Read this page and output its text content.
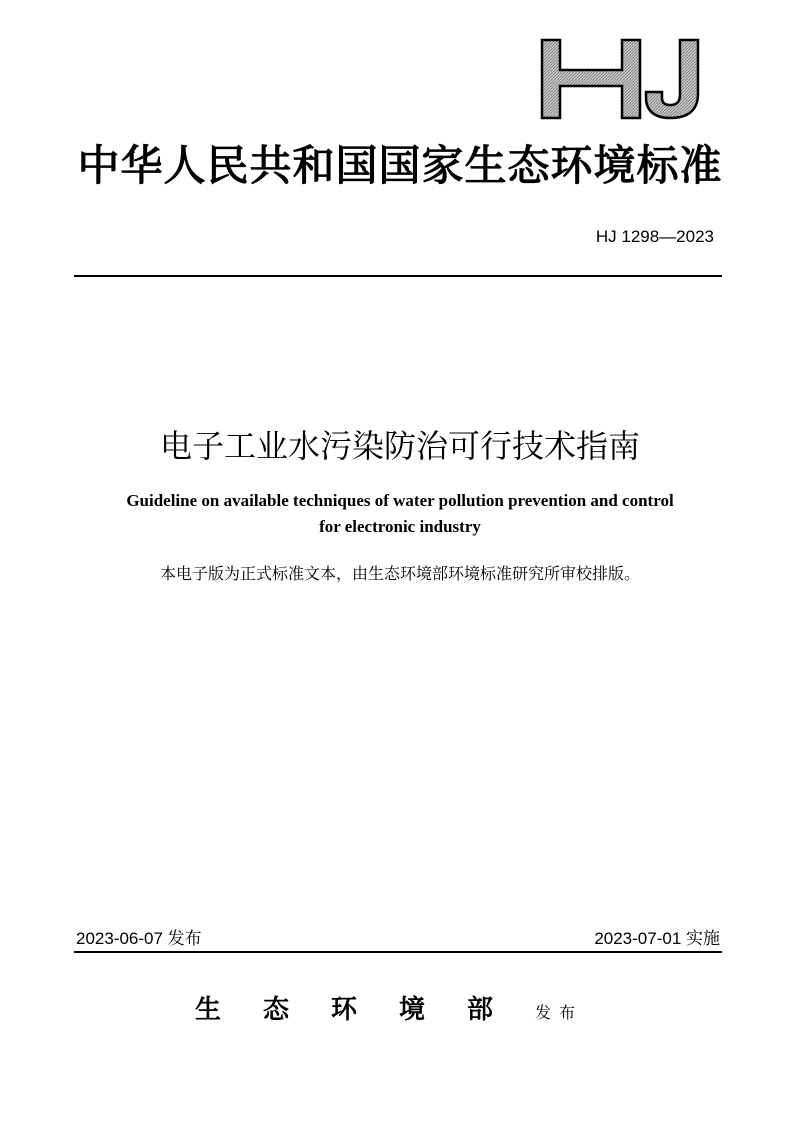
中华人民共和国国家生态环境标准
HJ 1298—2023
电子工业水污染防治可行技术指南
Guideline on available techniques of water pollution prevention and control
for electronic industry
本电子版为正式标准文本，由生态环境部环境标准研究所审校排版。
2023-06-07 发布	2023-07-01 实施
生态环境部 发布
